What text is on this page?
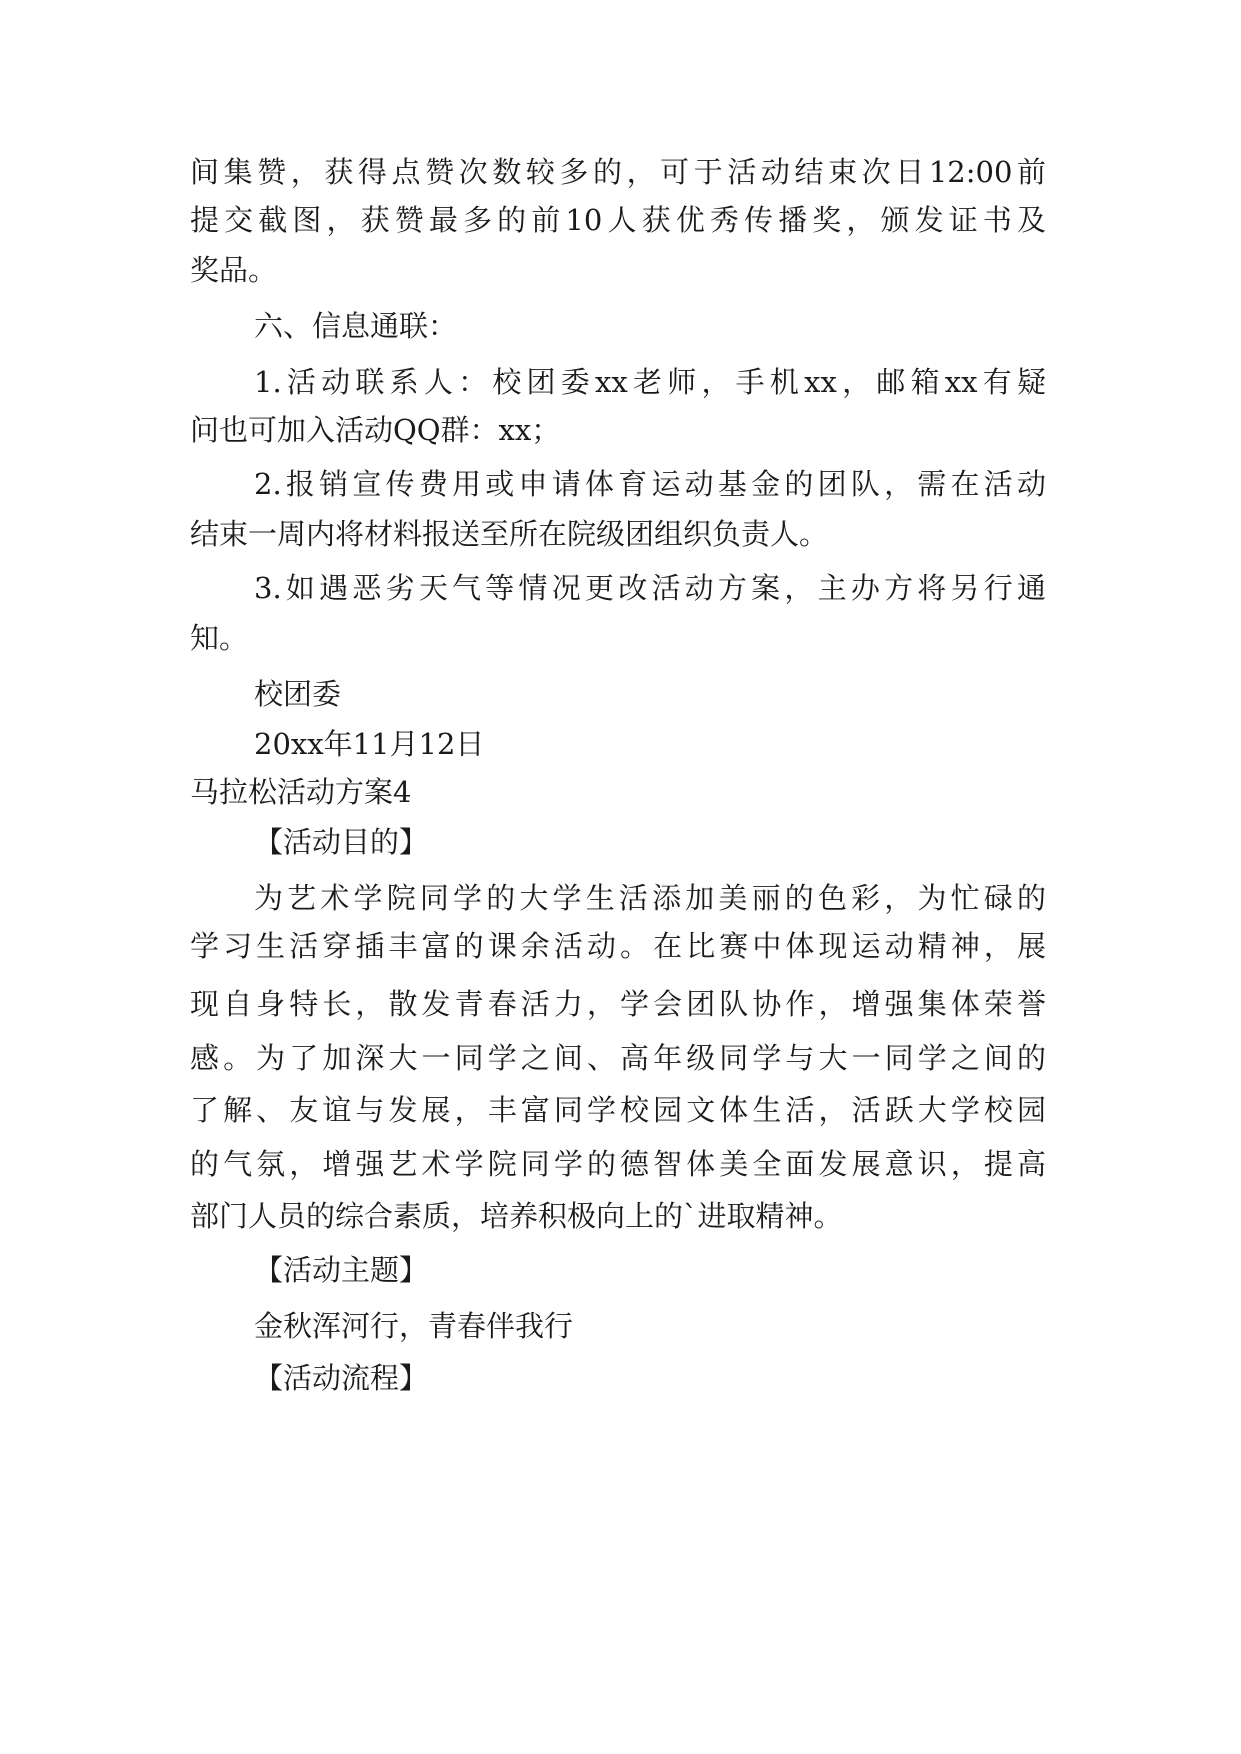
间集赞，获得点赞次数较多的，可于活动结束次日12:00前
提交截图，获赞最多的前10人获优秀传播奖，颁发证书及
奖品。
六、信息通联：
1.活动联系人：校团委xx老师，手机xx，邮箱xx有疑
问也可加入活动QQ群：xx；
2.报销宣传费用或申请体育运动基金的团队，需在活动
结束一周内将材料报送至所在院级团组织负责人。
3.如遇恶劣天气等情况更改活动方案，主办方将另行通
知。
校团委
20xx年11月12日
马拉松活动方案4
【活动目的】
为艺术学院同学的大学生活添加美丽的色彩，为忙碌的
学习生活穿插丰富的课余活动。在比赛中体现运动精神，展
现自身特长，散发青春活力，学会团队协作，增强集体荣誉
感。为了加深大一同学之间、高年级同学与大一同学之间的
了解、友谊与发展，丰富同学校园文体生活，活跃大学校园
的气氛，增强艺术学院同学的德智体美全面发展意识，提高
部门人员的综合素质，培养积极向上的`进取精神。
【活动主题】
金秋浑河行，青春伴我行
【活动流程】
